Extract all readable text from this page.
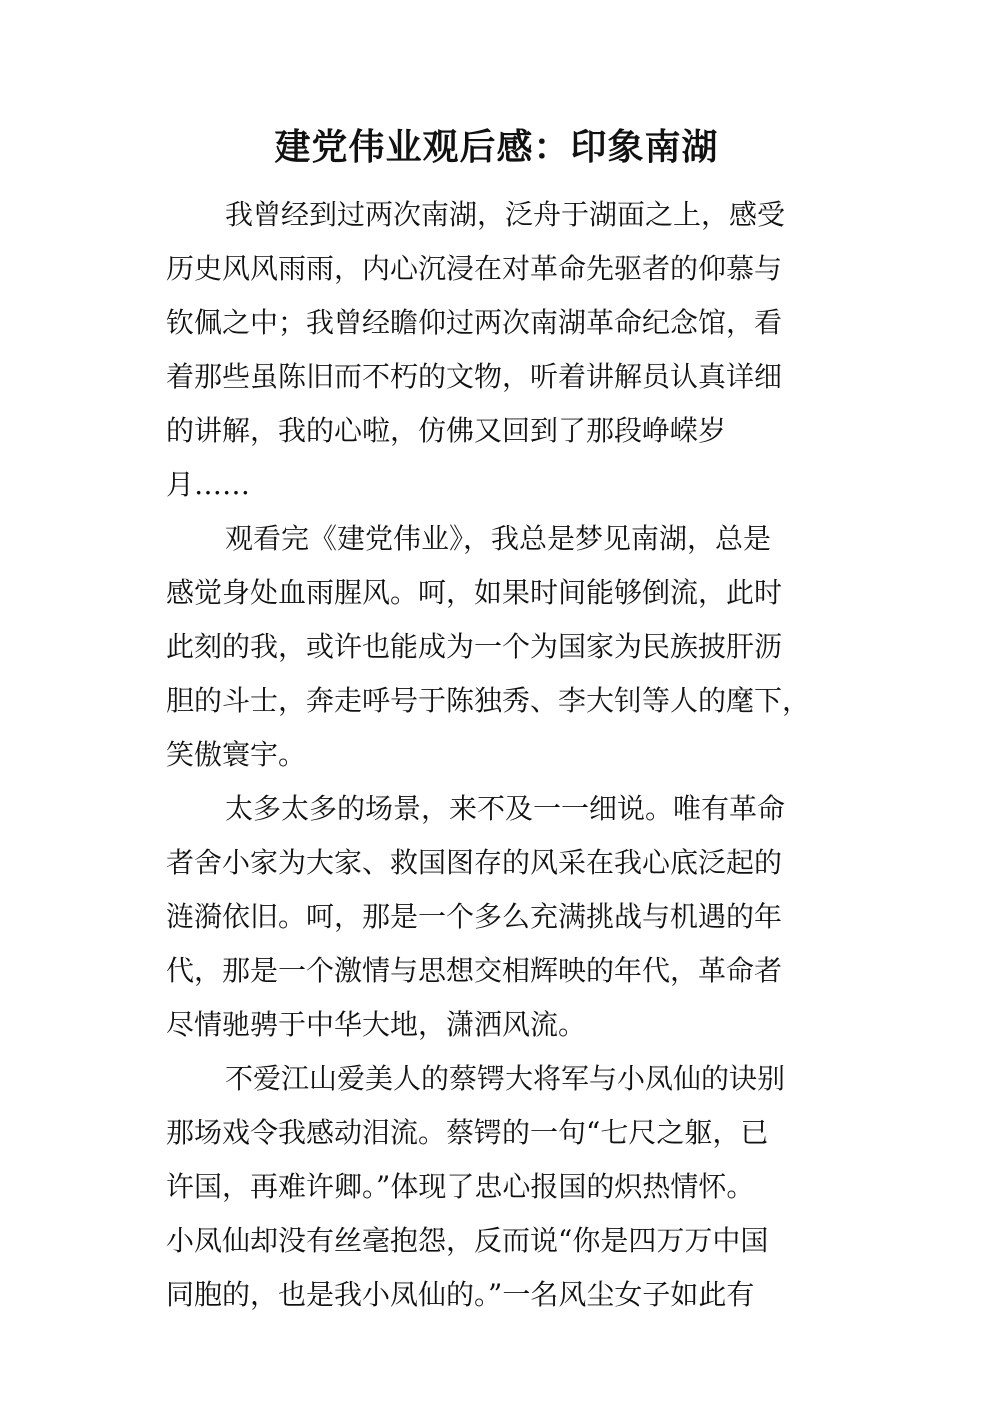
建党伟业观后感：印象南湖
我曾经到过两次南湖，泛舟于湖面之上，感受
历史风风雨雨，内心沉浸在对革命先驱者的仰慕与
钦佩之中；我曾经瞻仰过两次南湖革命纪念馆，看
着那些虽陈旧而不朽的文物，听着讲解员认真详细
的讲解，我的心啦，仿佛又回到了那段峥嵘岁
月……
观看完《建党伟业》，我总是梦见南湖，总是
感觉身处血雨腥风。呵，如果时间能够倒流，此时
此刻的我，或许也能成为一个为国家为民族披肝沥
胆的斗士，奔走呼号于陈独秀、李大钊等人的麾下，
笑傲寰宇。
太多太多的场景，来不及一一细说。唯有革命
者舍小家为大家、救国图存的风采在我心底泛起的
涟漪依旧。呵，那是一个多么充满挑战与机遇的年
代，那是一个激情与思想交相辉映的年代，革命者
尽情驰骋于中华大地，潇洒风流。
不爱江山爱美人的蔡锷大将军与小凤仙的诀别
那场戏令我感动泪流。蔡锷的一句“七尺之躯，已
许国，再难许卿。”体现了忠心报国的炽热情怀。
小凤仙却没有丝毫抱怨，反而说“你是四万万中国
同胞的，也是我小凤仙的。”一名风尘女子如此有
